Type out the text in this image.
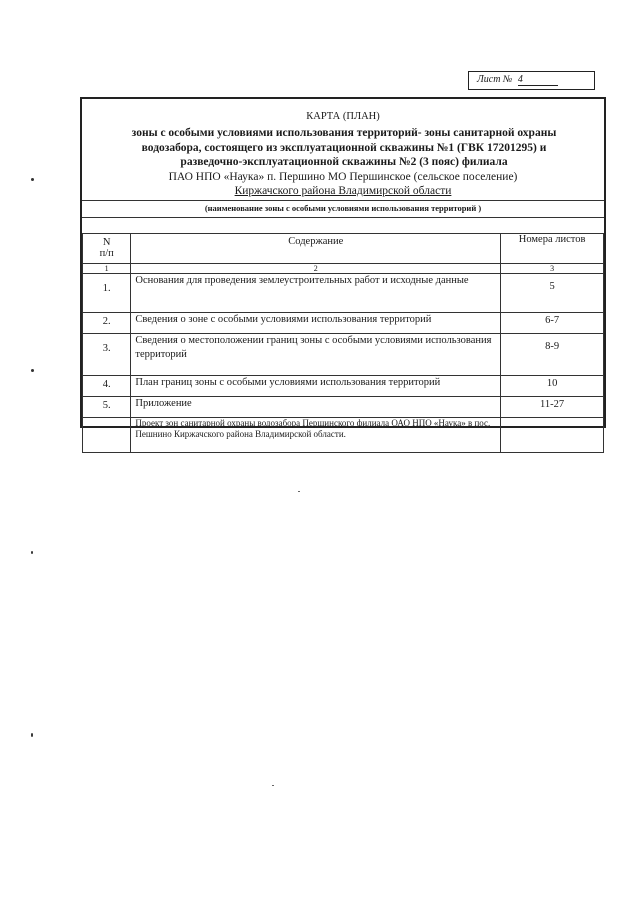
Лист № 4
КАРТА (ПЛАН)
зоны с особыми условиями использования территорий- зоны санитарной охраны
водозабора, состоящего из эксплуатационной скважины №1 (ГВК 17201295) и
разведочно-эксплуатационной скважины №2 (3 пояс) филиала
ПАО НПО «Наука» п. Першино МО Першинское (сельское поселение)
Киржачского района Владимирской области
(наименование зоны с особыми условиями использования территорий )
N
п/п	Содержание	Номера листов
1	2	3
1.	Основания для проведения землеустроительных работ и исходные данные	5
2.	Сведения о зоне с особыми условиями использования территорий	6-7
3.	Сведения о местоположении границ зоны с особыми условиями использования территорий	8-9
4.	План границ зоны с особыми условиями использования территорий	10
5.	Приложение	11-27
	Проект зон санитарной охраны водозабора Першинского филиала ОАО НПО «Наука» в пос. Пешнино Киржачского района Владимирской области.	
